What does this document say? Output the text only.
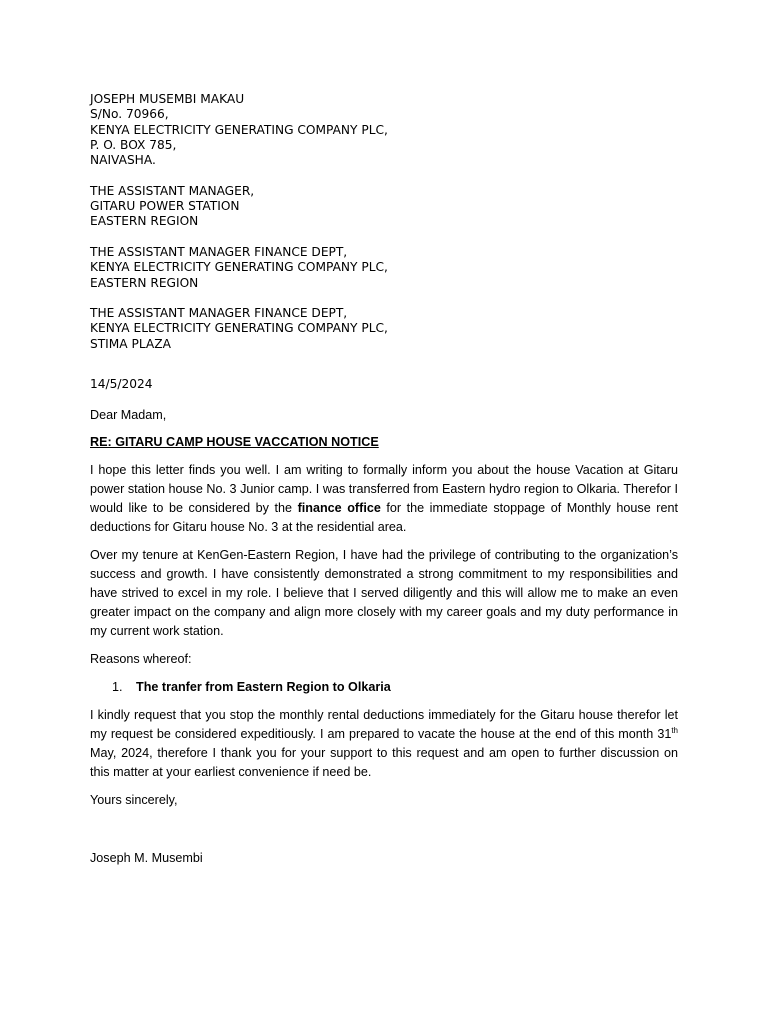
JOSEPH MUSEMBI MAKAU
S/No. 70966,
KENYA ELECTRICITY GENERATING COMPANY PLC,
P. O. BOX 785,
NAIVASHA.
THE ASSISTANT MANAGER,
GITARU POWER STATION
EASTERN REGION
THE ASSISTANT MANAGER FINANCE DEPT,
KENYA ELECTRICITY GENERATING COMPANY PLC,
EASTERN REGION
THE ASSISTANT MANAGER FINANCE DEPT,
KENYA ELECTRICITY GENERATING COMPANY PLC,
STIMA PLAZA
14/5/2024
Dear Madam,
RE: GITARU CAMP HOUSE VACCATION NOTICE

I hope this letter finds you well. I am writing to formally inform you about the house Vacation at Gitaru power station house No. 3 Junior camp. I was transferred from Eastern hydro region to Olkaria. Therefor I would like to be considered by the finance office for the immediate stoppage of Monthly house rent deductions for Gitaru house No. 3 at the residential area.

Over my tenure at KenGen-Eastern Region, I have had the privilege of contributing to the organization’s success and growth. I have consistently demonstrated a strong commitment to my responsibilities and have strived to excel in my role. I believe that I served diligently and this will allow me to make an even greater impact on the company and align more closely with my career goals and my duty performance in my current work station.

Reasons whereof:
1.	The tranfer from Eastern Region to Olkaria

I kindly request that you stop the monthly rental deductions immediately for the Gitaru house therefor let my request be considered expeditiously. I am prepared to vacate the house at the end of this month 31th May, 2024, therefore I thank you for your support to this request and am open to further discussion on this matter at your earliest convenience if need be.

Yours sincerely,
Joseph M. Musembi
